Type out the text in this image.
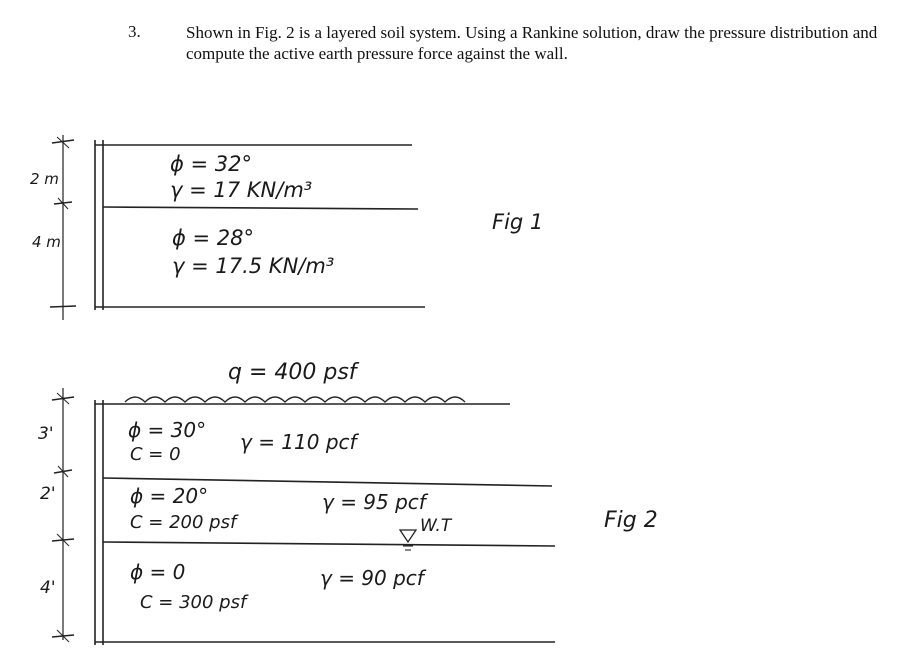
3.	Shown in Fig. 2 is a layered soil system. Using a Rankine solution, draw the pressure distribution and compute the active earth pressure force against the wall.
2 m
4 m
ϕ = 32°
γ = 17 KN/m³
ϕ = 28°
γ = 17.5 KN/m³
Fig 1
q = 400 psf
3'
2'
4'
ϕ = 30°
C = 0
γ = 110 pcf
ϕ = 20°
C = 200 psf
γ = 95 pcf
W.T
ϕ = 0
C = 300 psf
γ = 90 pcf
Fig 2
